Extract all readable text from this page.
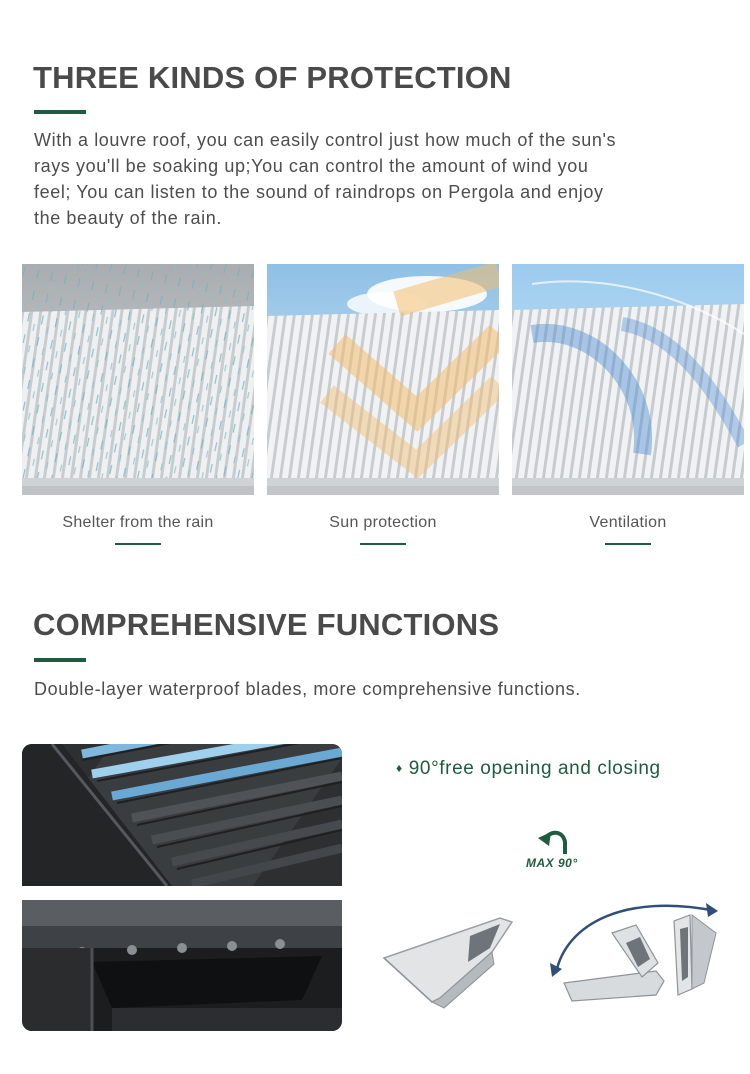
THREE KINDS OF PROTECTION

With a louvre roof, you can easily control just how much of the sun's
rays you'll be soaking up;You can control the amount of wind you
feel; You can listen to the sound of raindrops on Pergola and enjoy
the beauty of the rain.

Shelter from the rain	Sun protection	Ventilation
COMPREHENSIVE FUNCTIONS

Double-layer waterproof blades, more comprehensive functions.

♦ 90°free opening and closing
MAX 90°
